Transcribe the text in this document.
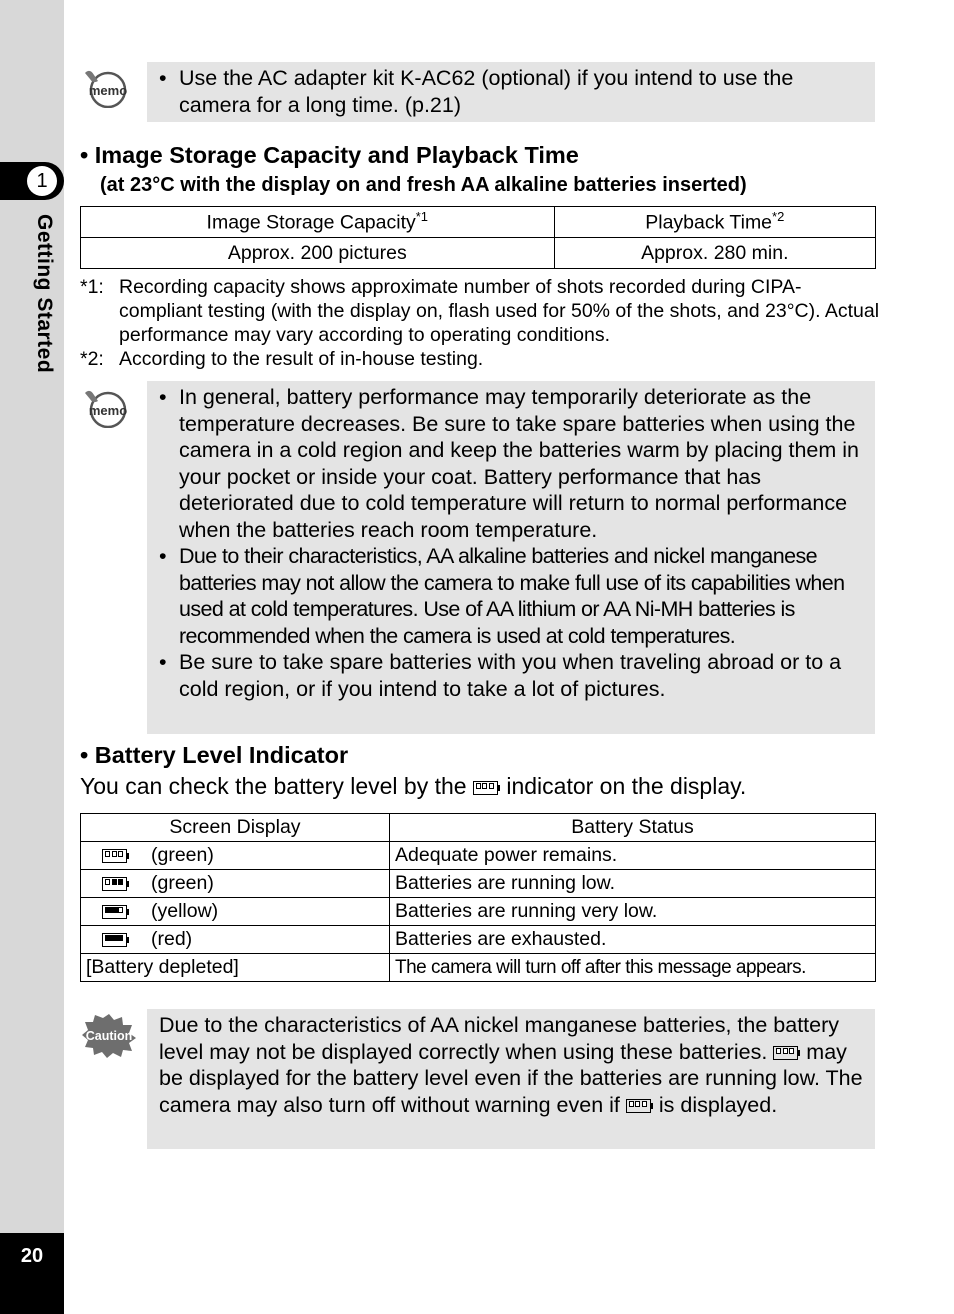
1
Getting Started
20
memo
• Use the AC adapter kit K-AC62 (optional) if you intend to use the camera for a long time. (p.21)
• Image Storage Capacity and Playback Time
(at 23°C with the display on and fresh AA alkaline batteries inserted)
Image Storage Capacity$^{*1}$	Playback Time$^{*2}$
Approx. 200 pictures	Approx. 280 min.
*1: Recording capacity shows approximate number of shots recorded during CIPA-compliant testing (with the display on, flash used for 50% of the shots, and 23°C). Actual performance may vary according to operating conditions.
*2: According to the result of in-house testing.
memo
• In general, battery performance may temporarily deteriorate as the temperature decreases. Be sure to take spare batteries when using the camera in a cold region and keep the batteries warm by placing them in your pocket or inside your coat. Battery performance that has deteriorated due to cold temperature will return to normal performance when the batteries reach room temperature.
• Due to their characteristics, AA alkaline batteries and nickel manganese batteries may not allow the camera to make full use of its capabilities when used at cold temperatures. Use of AA lithium or AA Ni-MH batteries is recommended when the camera is used at cold temperatures.
• Be sure to take spare batteries with you when traveling abroad or to a cold region, or if you intend to take a lot of pictures.
• Battery Level Indicator
You can check the battery level by the indicator on the display.
Screen Display	Battery Status

(green)	Adequate power remains.

(green)	Batteries are running low.

(yellow)	Batteries are running very low.

(red)	Batteries are exhausted.
[Battery depleted]	The camera will turn off after this message appears.
Caution	Due to the characteristics of AA nickel manganese batteries, the battery level may not be displayed correctly when using these batteries. may be displayed for the battery level even if the batteries are running low. The camera may also turn off without warning even if is displayed.
